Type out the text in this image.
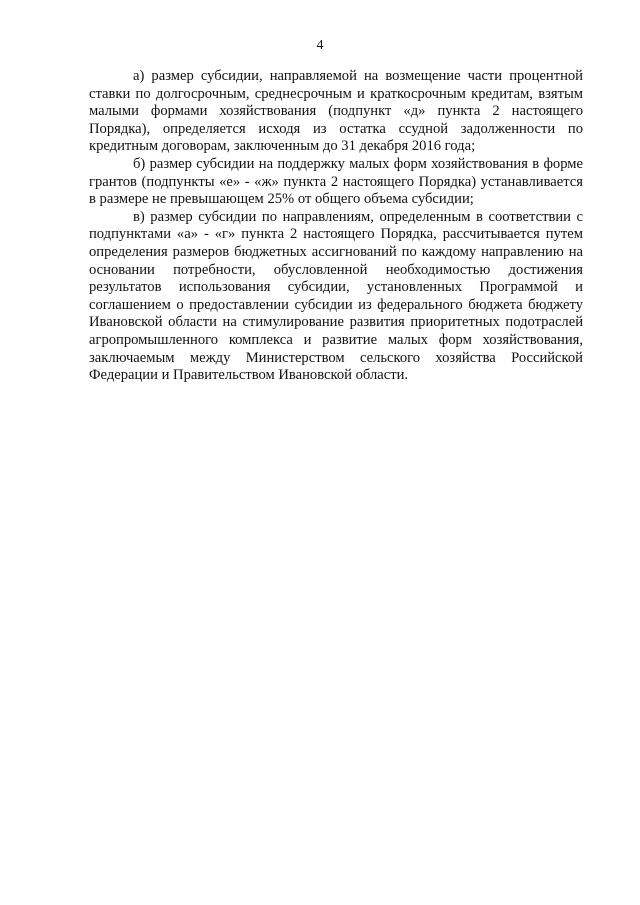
4

а) размер субсидии, направляемой на возмещение части процентной ставки по долгосрочным, среднесрочным и краткосрочным кредитам, взятым малыми формами хозяйствования (подпункт «д» пункта 2 настоящего Порядка), определяется исходя из остатка ссудной задолженности по кредитным договорам, заключенным до 31 декабря 2016 года;

б) размер субсидии на поддержку малых форм хозяйствования в форме грантов (подпункты «е» - «ж» пункта 2 настоящего Порядка) устанавливается в размере не превышающем 25% от общего объема субсидии;

в) размер субсидии по направлениям, определенным в соответствии с подпунктами «а» - «г» пункта 2 настоящего Порядка, рассчитывается путем определения размеров бюджетных ассигнований по каждому направлению на основании потребности, обусловленной необходимостью достижения результатов использования субсидии, установленных Программой и соглашением о предоставлении субсидии из федерального бюджета бюджету Ивановской области на стимулирование развития приоритетных подотраслей агропромышленного комплекса и развитие малых форм хозяйствования, заключаемым между Министерством сельского хозяйства Российской Федерации и Правительством Ивановской области.
